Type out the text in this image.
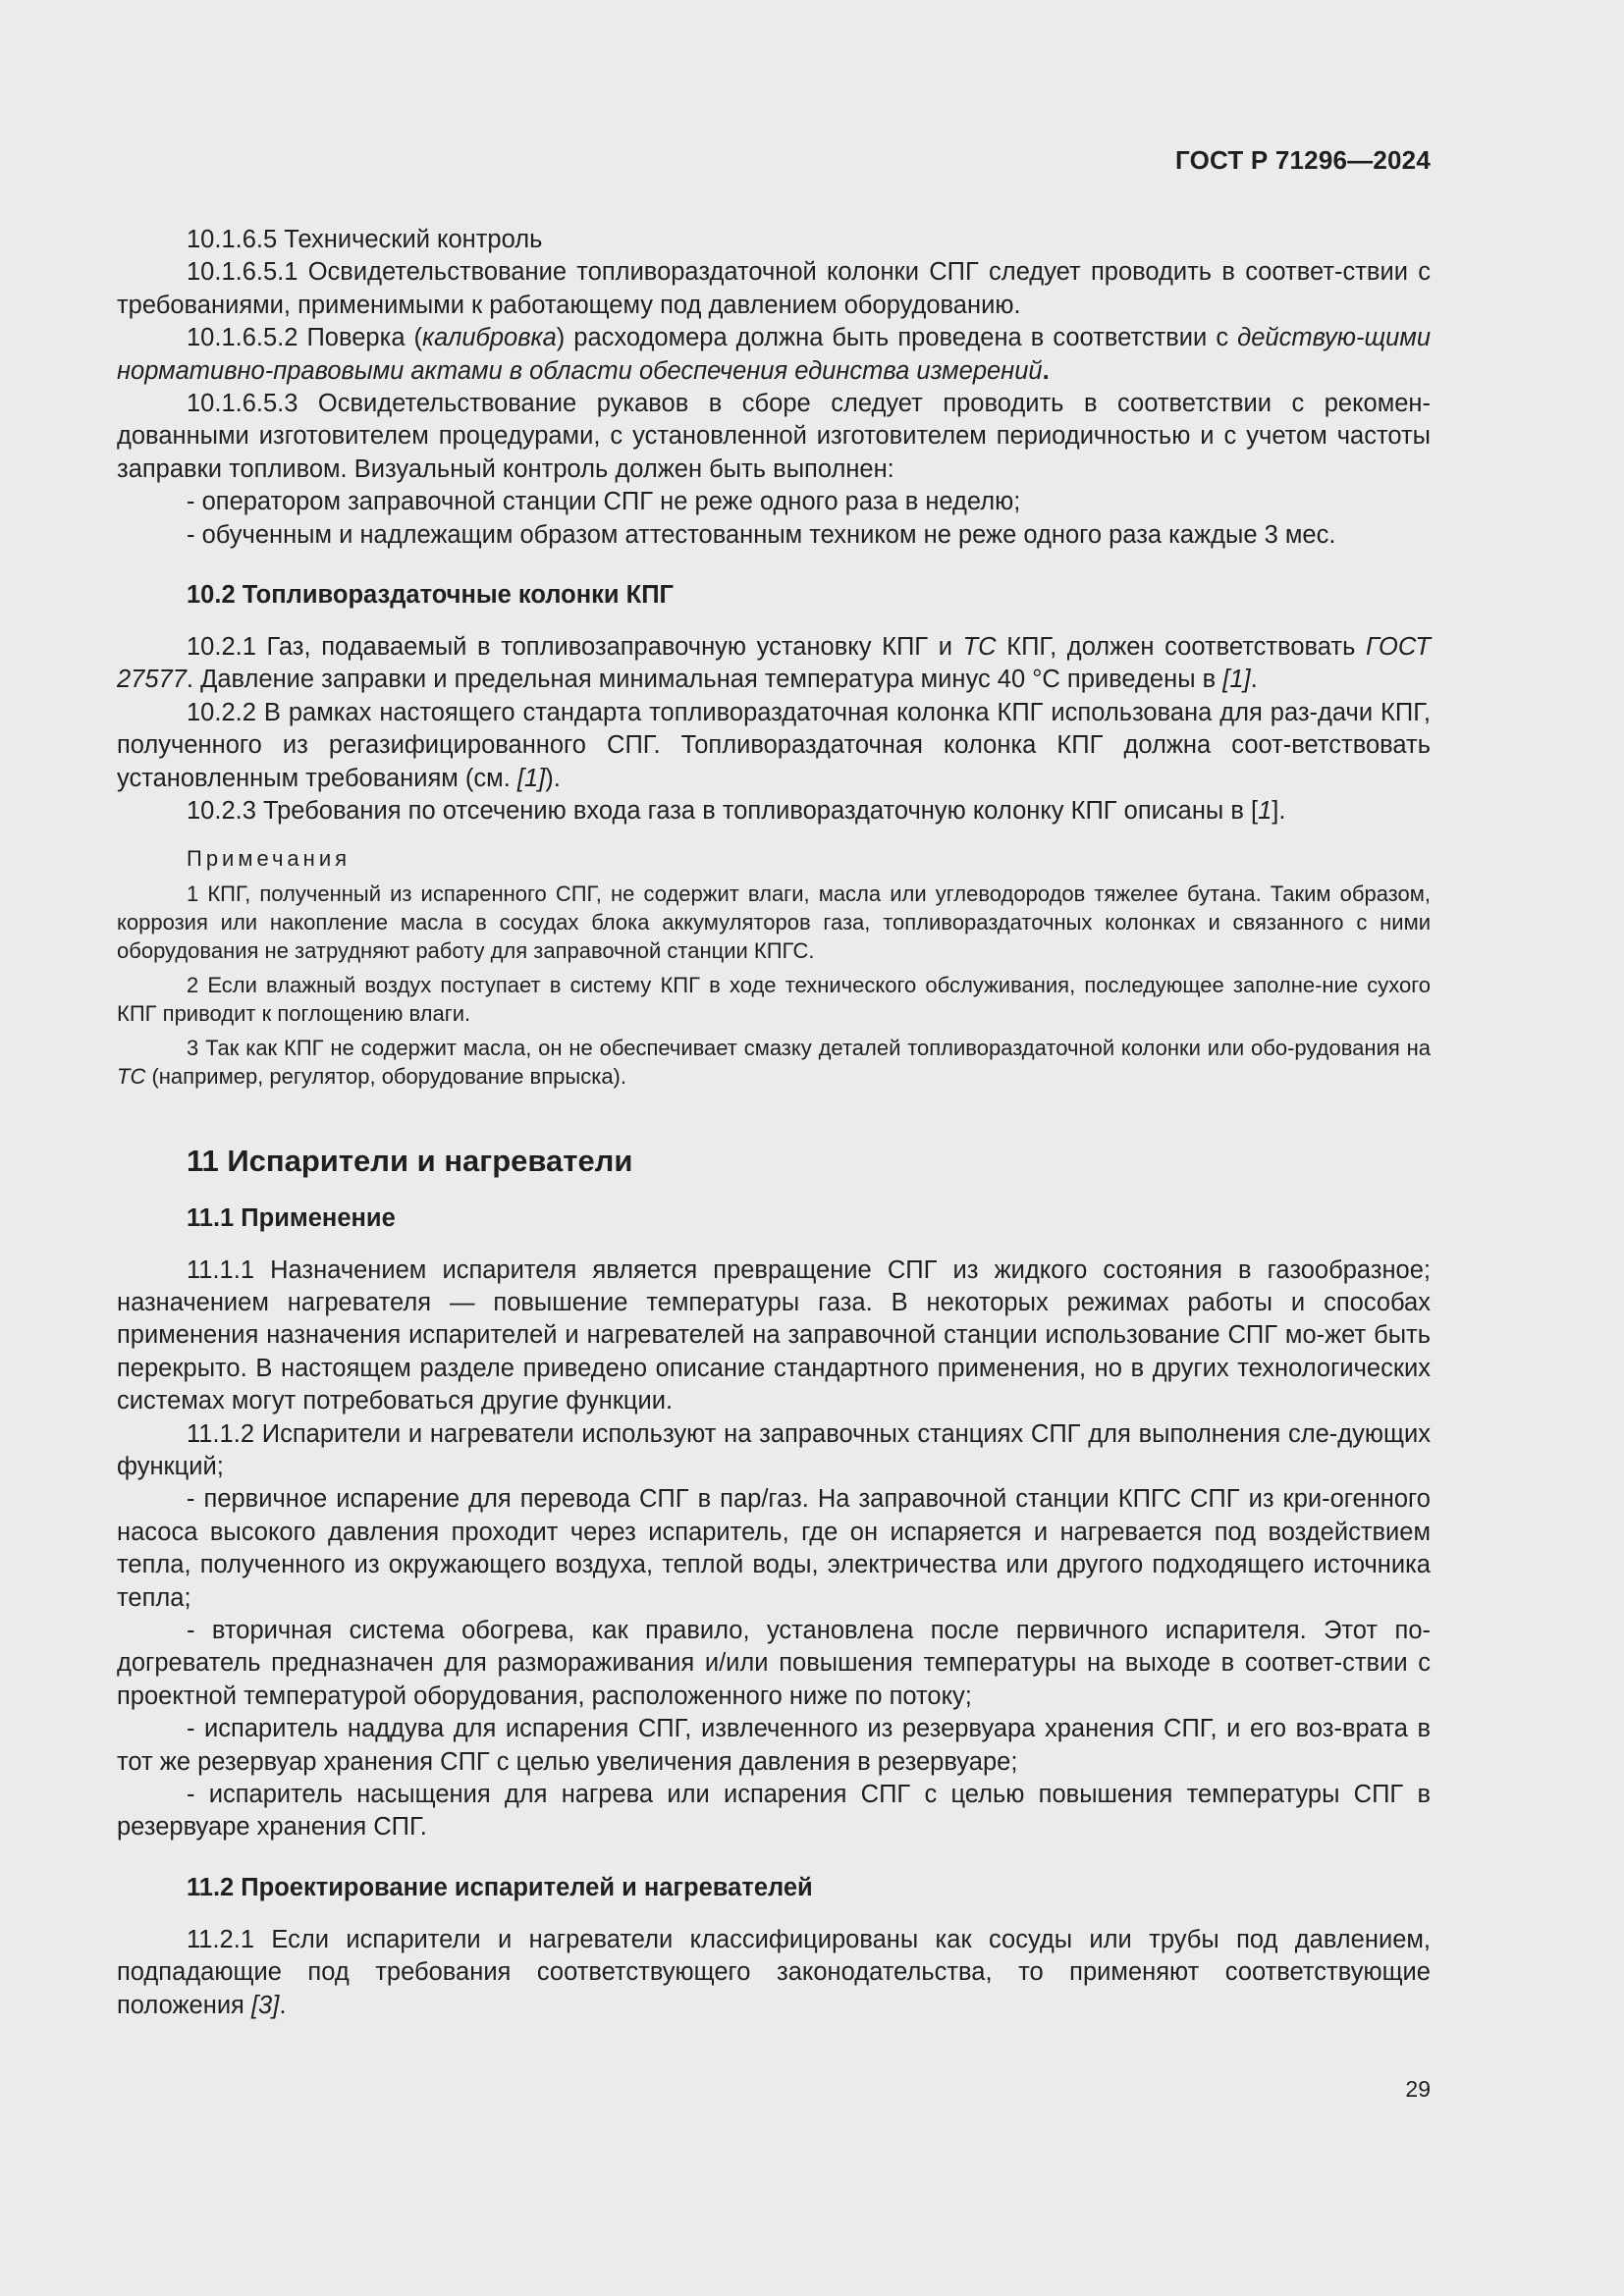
ГОСТ Р 71296—2024

10.1.6.5 Технический контроль

10.1.6.5.1 Освидетельствование топливораздаточной колонки СПГ следует проводить в соответ-ствии с требованиями, применимыми к работающему под давлением оборудованию.

10.1.6.5.2 Поверка (калибровка) расходомера должна быть проведена в соответствии с действую-щими нормативно-правовыми актами в области обеспечения единства измерений.

10.1.6.5.3 Освидетельствование рукавов в сборе следует проводить в соответствии с рекомен-дованными изготовителем процедурами, с установленной изготовителем периодичностью и с учетом частоты заправки топливом. Визуальный контроль должен быть выполнен:

- оператором заправочной станции СПГ не реже одного раза в неделю;

- обученным и надлежащим образом аттестованным техником не реже одного раза каждые 3 мес.

10.2 Топливораздаточные колонки КПГ

10.2.1 Газ, подаваемый в топливозаправочную установку КПГ и ТС КПГ, должен соответствовать ГОСТ 27577. Давление заправки и предельная минимальная температура минус 40 °С приведены в [1].

10.2.2 В рамках настоящего стандарта топливораздаточная колонка КПГ использована для раз-дачи КПГ, полученного из регазифицированного СПГ. Топливораздаточная колонка КПГ должна соот-ветствовать установленным требованиям (см. [1]).

10.2.3 Требования по отсечению входа газа в топливораздаточную колонку КПГ описаны в [1].

Примечания

1 КПГ, полученный из испаренного СПГ, не содержит влаги, масла или углеводородов тяжелее бутана. Таким образом, коррозия или накопление масла в сосудах блока аккумуляторов газа, топливораздаточных колонках и связанного с ними оборудования не затрудняют работу для заправочной станции КПГС.

2 Если влажный воздух поступает в систему КПГ в ходе технического обслуживания, последующее заполне-ние сухого КПГ приводит к поглощению влаги.

3 Так как КПГ не содержит масла, он не обеспечивает смазку деталей топливораздаточной колонки или обо-рудования на ТС (например, регулятор, оборудование впрыска).

11 Испарители и нагреватели
11.1 Применение

11.1.1 Назначением испарителя является превращение СПГ из жидкого состояния в газообразное; назначением нагревателя — повышение температуры газа. В некоторых режимах работы и способах применения назначения испарителей и нагревателей на заправочной станции использование СПГ мо-жет быть перекрыто. В настоящем разделе приведено описание стандартного применения, но в других технологических системах могут потребоваться другие функции.

11.1.2 Испарители и нагреватели используют на заправочных станциях СПГ для выполнения сле-дующих функций;

- первичное испарение для перевода СПГ в пар/газ. На заправочной станции КПГС СПГ из кри-огенного насоса высокого давления проходит через испаритель, где он испаряется и нагревается под воздействием тепла, полученного из окружающего воздуха, теплой воды, электричества или другого подходящего источника тепла;

- вторичная система обогрева, как правило, установлена после первичного испарителя. Этот по-догреватель предназначен для размораживания и/или повышения температуры на выходе в соответ-ствии с проектной температурой оборудования, расположенного ниже по потоку;

- испаритель наддува для испарения СПГ, извлеченного из резервуара хранения СПГ, и его воз-врата в тот же резервуар хранения СПГ с целью увеличения давления в резервуаре;

- испаритель насыщения для нагрева или испарения СПГ с целью повышения температуры СПГ в резервуаре хранения СПГ.

11.2 Проектирование испарителей и нагревателей

11.2.1 Если испарители и нагреватели классифицированы как сосуды или трубы под давлением, подпадающие под требования соответствующего законодательства, то применяют соответствующие положения [3].

29
